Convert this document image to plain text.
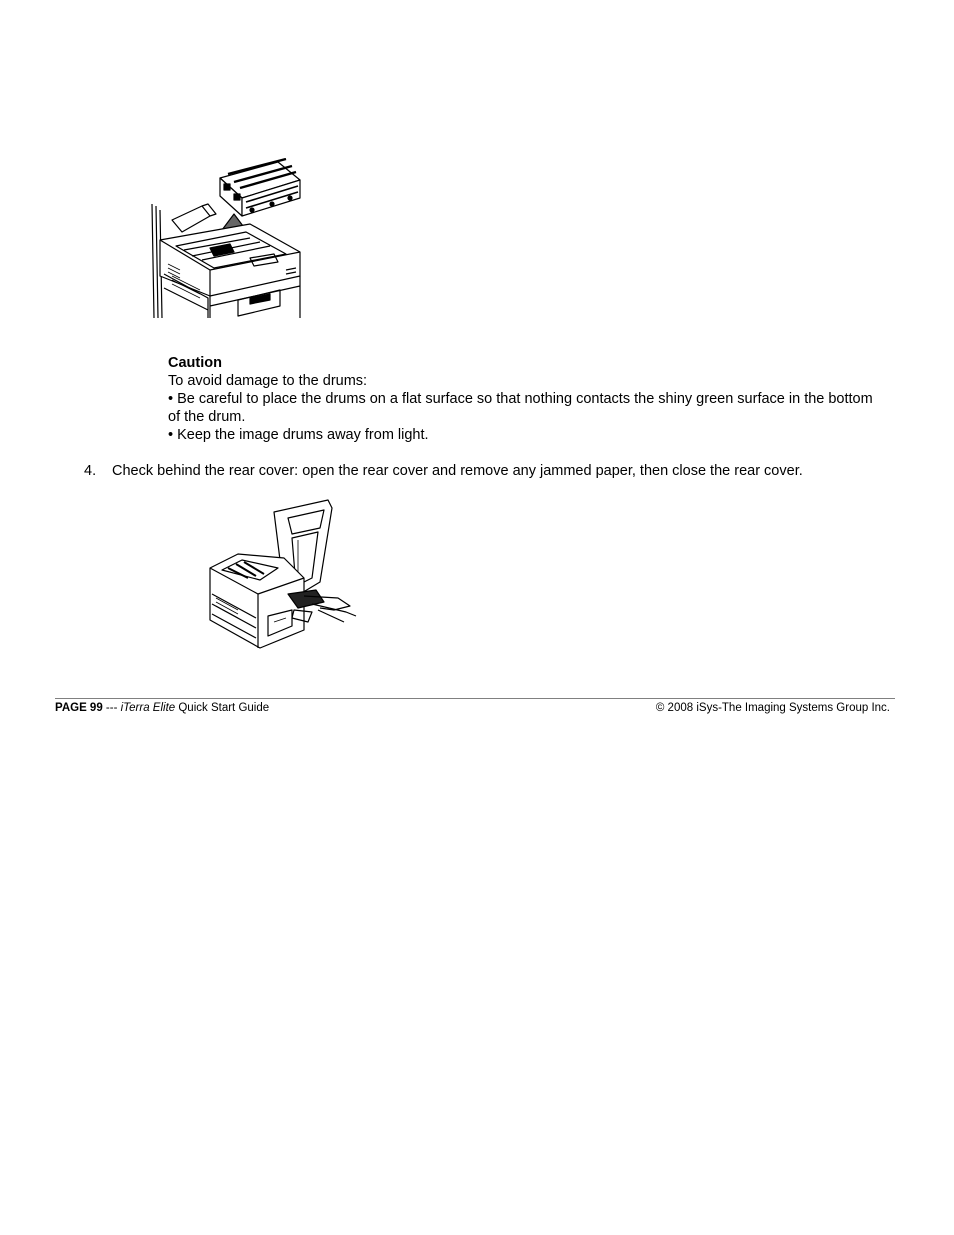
Caution
To avoid damage to the drums:
• Be careful to place the drums on a flat surface so that nothing contacts the shiny green surface in the bottom of the drum.
• Keep the image drums away from light.
4. Check behind the rear cover: open the rear cover and remove any jammed paper, then close the rear cover.
PAGE 99 --- iTerra Elite Quick Start Guide	© 2008 iSys-The Imaging Systems Group Inc.
